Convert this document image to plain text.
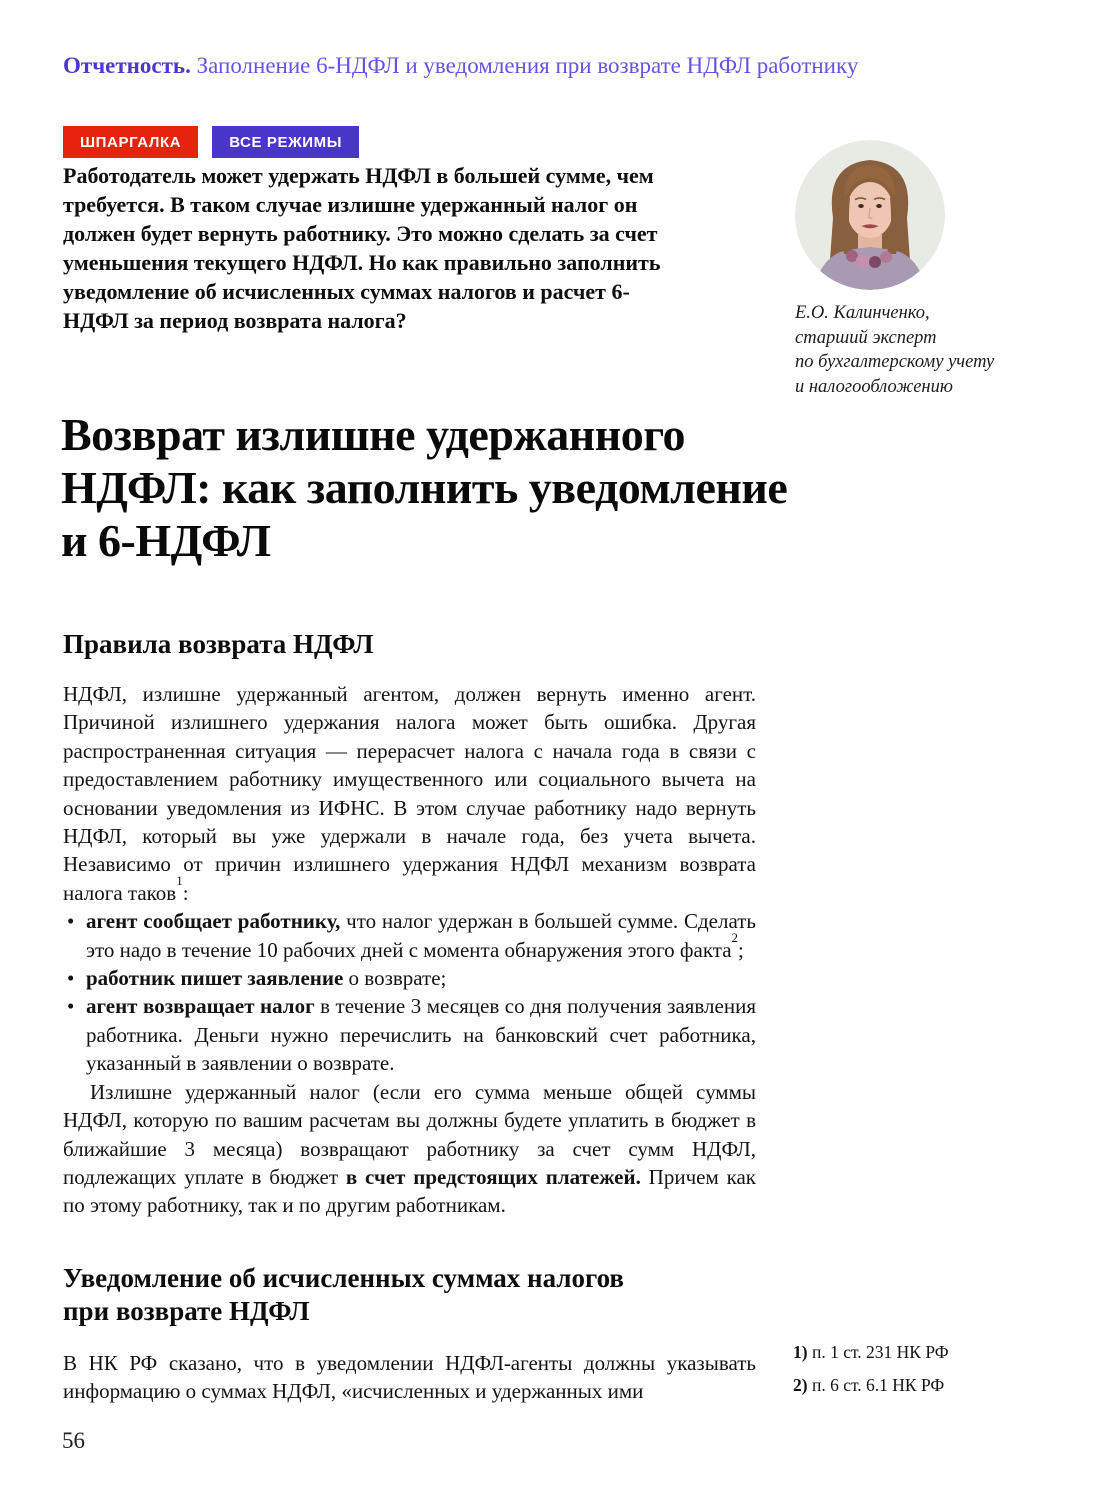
Отчетность. Заполнение 6-НДФЛ и уведомления при возврате НДФЛ работнику
ШПАРГАЛКА	ВСЕ РЕЖИМЫ

Работодатель может удержать НДФЛ в большей сумме, чем требуется. В таком случае излишне удержанный налог он должен будет вернуть работнику. Это можно сделать за счет уменьшения текущего НДФЛ. Но как правильно заполнить уведомление об исчисленных суммах налогов и расчет 6-НДФЛ за период возврата налога?	Е.О. Калинченко,
старший эксперт
по бухгалтерскому учету
и налогообложению
Возврат излишне удержанного
НДФЛ: как заполнить уведомление
и 6-НДФЛ
Правила возврата НДФЛ

НДФЛ, излишне удержанный агентом, должен вернуть именно агент. Причиной излишнего удержания налога может быть ошибка. Другая распространенная ситуация — перерасчет налога с начала года в связи с предоставлением работнику имущественного или социального вычета на основании уведомления из ИФНС. В этом случае работнику надо вернуть НДФЛ, который вы уже удержали в начале года, без учета вычета. Независимо от причин излишнего удержания НДФЛ механизм возврата налога таков$^1$:

• агент сообщает работнику, что налог удержан в большей сумме. Сделать это надо в течение 10 рабочих дней с момента обнаружения этого факта$^2$;
• работник пишет заявление о возврате;
• агент возвращает налог в течение 3 месяцев со дня получения заявления работника. Деньги нужно перечислить на банковский счет работника, указанный в заявлении о возврате.

Излишне удержанный налог (если его сумма меньше общей суммы НДФЛ, которую по вашим расчетам вы должны будете уплатить в бюджет в ближайшие 3 месяца) возвращают работнику за счет сумм НДФЛ, подлежащих уплате в бюджет в счет предстоящих платежей. Причем как по этому работнику, так и по другим работникам.

Уведомление об исчисленных суммах налогов
при возврате НДФЛ

В НК РФ сказано, что в уведомлении НДФЛ-агенты должны указывать информацию о суммах НДФЛ, «исчисленных и удержанных ими

1) п. 1 ст. 231 НК РФ
2) п. 6 ст. 6.1 НК РФ
56
